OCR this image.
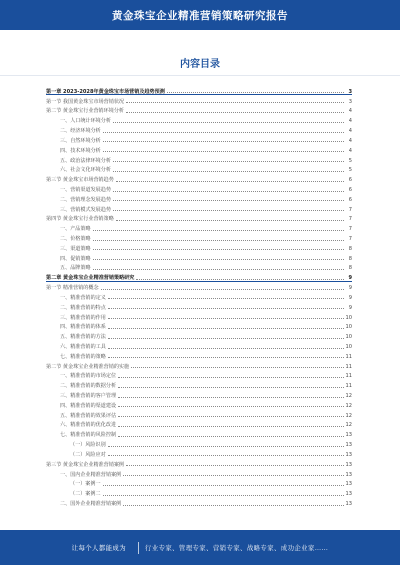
黄金珠宝企业精准营销策略研究报告
内容目录
第一章 2023-2028年黄金珠宝市场营销及趋势预测	3
第一节 我国黄金珠宝市场营销状况	3
第二节 黄金珠宝行业营销环境分析	4
一、人口统计环境分析	4
二、经济环境分析	4
三、自然环境分析	4
四、技术环境分析	4
五、政治法律环境分析	5
六、社会文化环境分析	5
第三节 黄金珠宝市场营销趋势	6
一、营销渠道发展趋势	6
二、营销理念发展趋势	6
三、营销模式发展趋势	7
第四节 黄金珠宝行业营销策略	7
一、产品策略	7
二、价格策略	7
三、渠道策略	8
四、促销策略	8
五、品牌策略	8
第二章 黄金珠宝企业精准营销策略研究	9
第一节 精准营销的概念	9
一、精准营销的定义	9
二、精准营销的特点	9
三、精准营销的作用	10
四、精准营销的体系	10
五、精准营销的方法	10
六、精准营销的工具	10
七、精准营销的策略	11
第二节 黄金珠宝企业精准营销的实施	11
一、精准营销的市场定位	11
二、精准营销的数据分析	11
三、精准营销的客户管理	12
四、精准营销的渠道建设	12
五、精准营销的效果评估	12
六、精准营销的优化改进	12
七、精准营销的风险控制	13
（一）风险识别	13
（二）风险应对	13
第三节 黄金珠宝企业精准营销案例	13
一、国内企业精准营销案例	13
（一）案例一	13
（二）案例二	13
二、国外企业精准营销案例	13
让每个人都能成为	行业专家、管理专家、营销专家、战略专家、成功企业家……
